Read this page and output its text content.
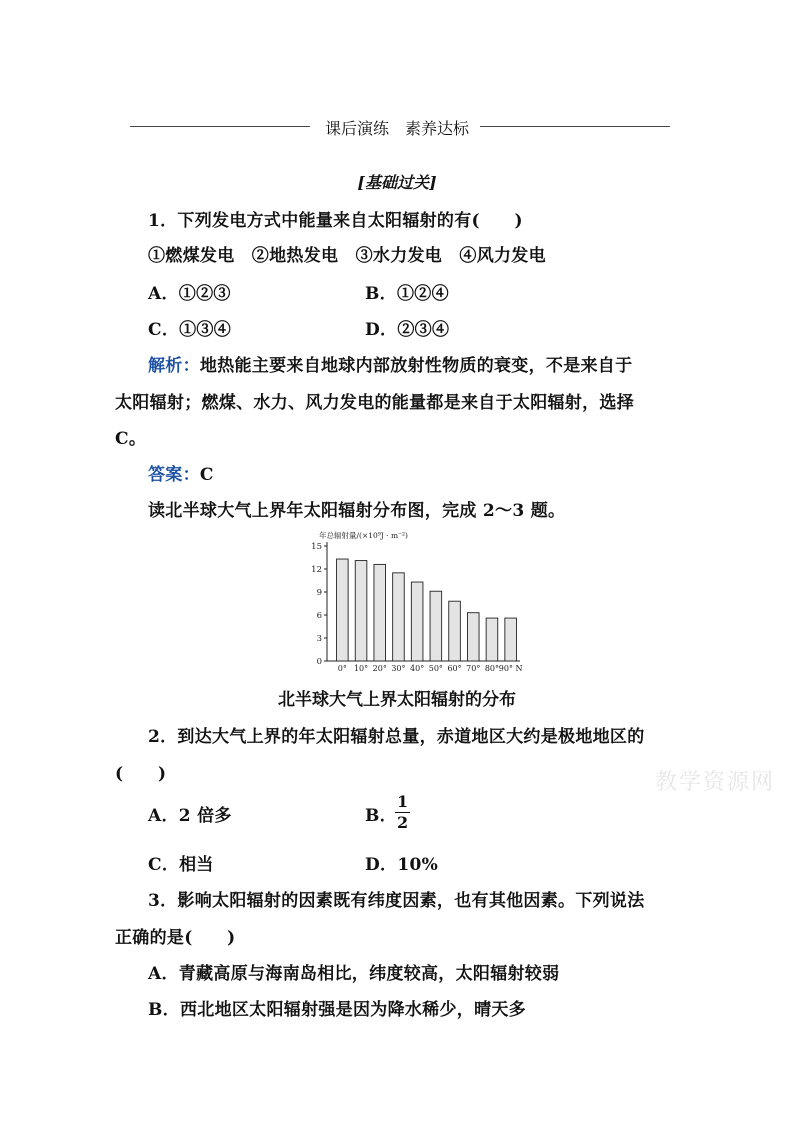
课后演练　素养达标
[基础过关]
1．下列发电方式中能量来自太阳辐射的有(　　)
①燃煤发电　②地热发电　③水力发电　④风力发电
A．①②③	B．①②④
C．①③④	D．②③④
解析：地热能主要来自地球内部放射性物质的衰变，不是来自于
太阳辐射；燃煤、水力、风力发电的能量都是来自于太阳辐射，选择
C。
答案：C
读北半球大气上界年太阳辐射分布图，完成 2～3 题。
年总辐射量/(×10⁹J · m⁻²)
0
3
6
9
12
15
0° 10° 20° 30° 40° 50° 60° 70° 80° 90° N
北半球大气上界太阳辐射的分布
2．到达大气上界的年太阳辐射总量，赤道地区大约是极地地区的
(　　)
A．2 倍多	B．
$\frac{1}{2}$
C．相当	D．10%
3．影响太阳辐射的因素既有纬度因素，也有其他因素。下列说法
正确的是(　　)
A．青藏高原与海南岛相比，纬度较高，太阳辐射较弱
B．西北地区太阳辐射强是因为降水稀少，晴天多
教学资源网
